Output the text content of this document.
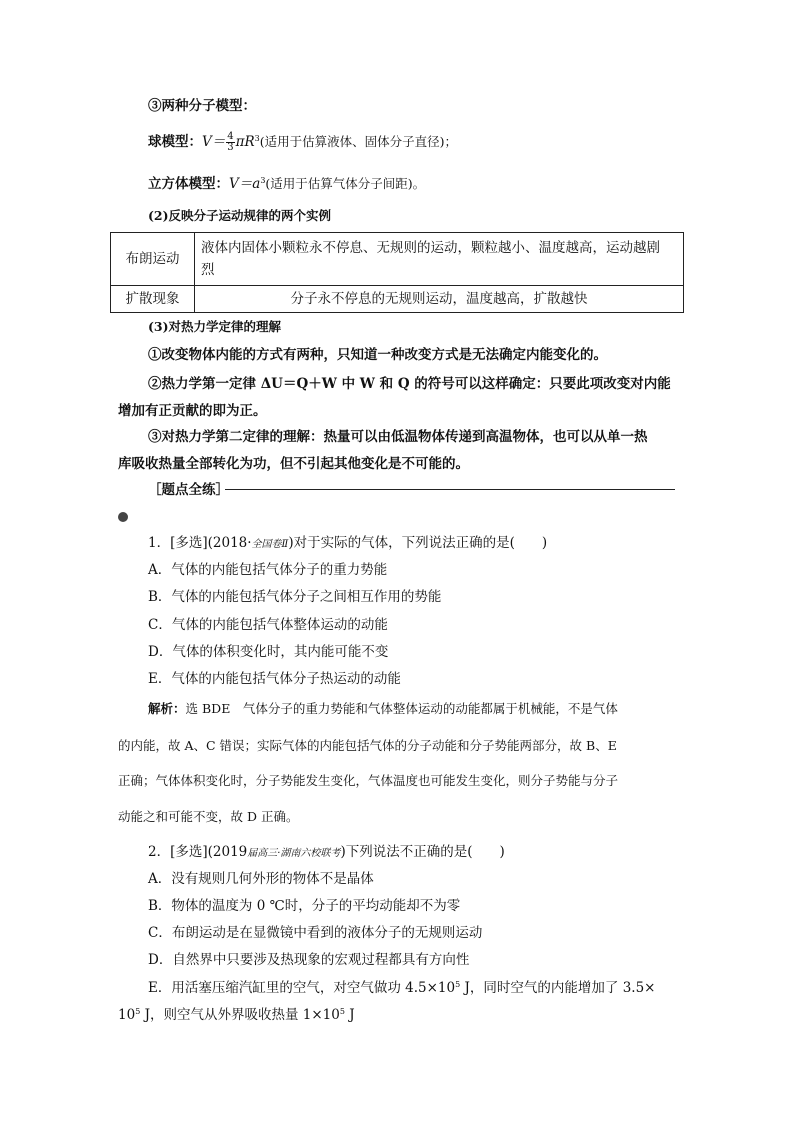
③两种分子模型：
球模型：$V= \frac{4}{3} \pi R^3$(适用于估算液体、固体分子直径)；
立方体模型：$V=a^3$(适用于估算气体分子间距)。
(2)反映分子运动规律的两个实例
布朗运动	液体内固体小颗粒永不停息、无规则的运动，颗粒越小、温度越高，运动越剧
烈
扩散现象	分子永不停息的无规则运动，温度越高，扩散越快
(3)对热力学定律的理解
①改变物体内能的方式有两种，只知道一种改变方式是无法确定内能变化的。
②热力学第一定律 ΔU＝Q＋W 中 W 和 Q 的符号可以这样确定：只要此项改变对内能
增加有正贡献的即为正。
③对热力学第二定律的理解：热量可以由低温物体传递到高温物体，也可以从单一热
库吸收热量全部转化为功，但不引起其他变化是不可能的。
［题点全练］
1．[多选](2018·全国卷Ⅱ)对于实际的气体，下列说法正确的是(　　)
A．气体的内能包括气体分子的重力势能
B．气体的内能包括气体分子之间相互作用的势能
C．气体的内能包括气体整体运动的动能
D．气体的体积变化时，其内能可能不变
E．气体的内能包括气体分子热运动的动能
解析：选 BDE　气体分子的重力势能和气体整体运动的动能都属于机械能，不是气体
的内能，故 A、C 错误；实际气体的内能包括气体的分子动能和分子势能两部分，故 B、E
正确；气体体积变化时，分子势能发生变化，气体温度也可能发生变化，则分子势能与分子
动能之和可能不变，故 D 正确。
2．[多选](2019届高三·湖南六校联考)下列说法不正确的是(　　)
A．没有规则几何外形的物体不是晶体
B．物体的温度为 0 ℃时，分子的平均动能却不为零
C．布朗运动是在显微镜中看到的液体分子的无规则运动
D．自然界中只要涉及热现象的宏观过程都具有方向性
E．用活塞压缩汽缸里的空气，对空气做功 $4.5\times 10^5$ J，同时空气的内能增加了 3.5×
$10^5$ J，则空气从外界吸收热量 $1\times 10^5$ J
